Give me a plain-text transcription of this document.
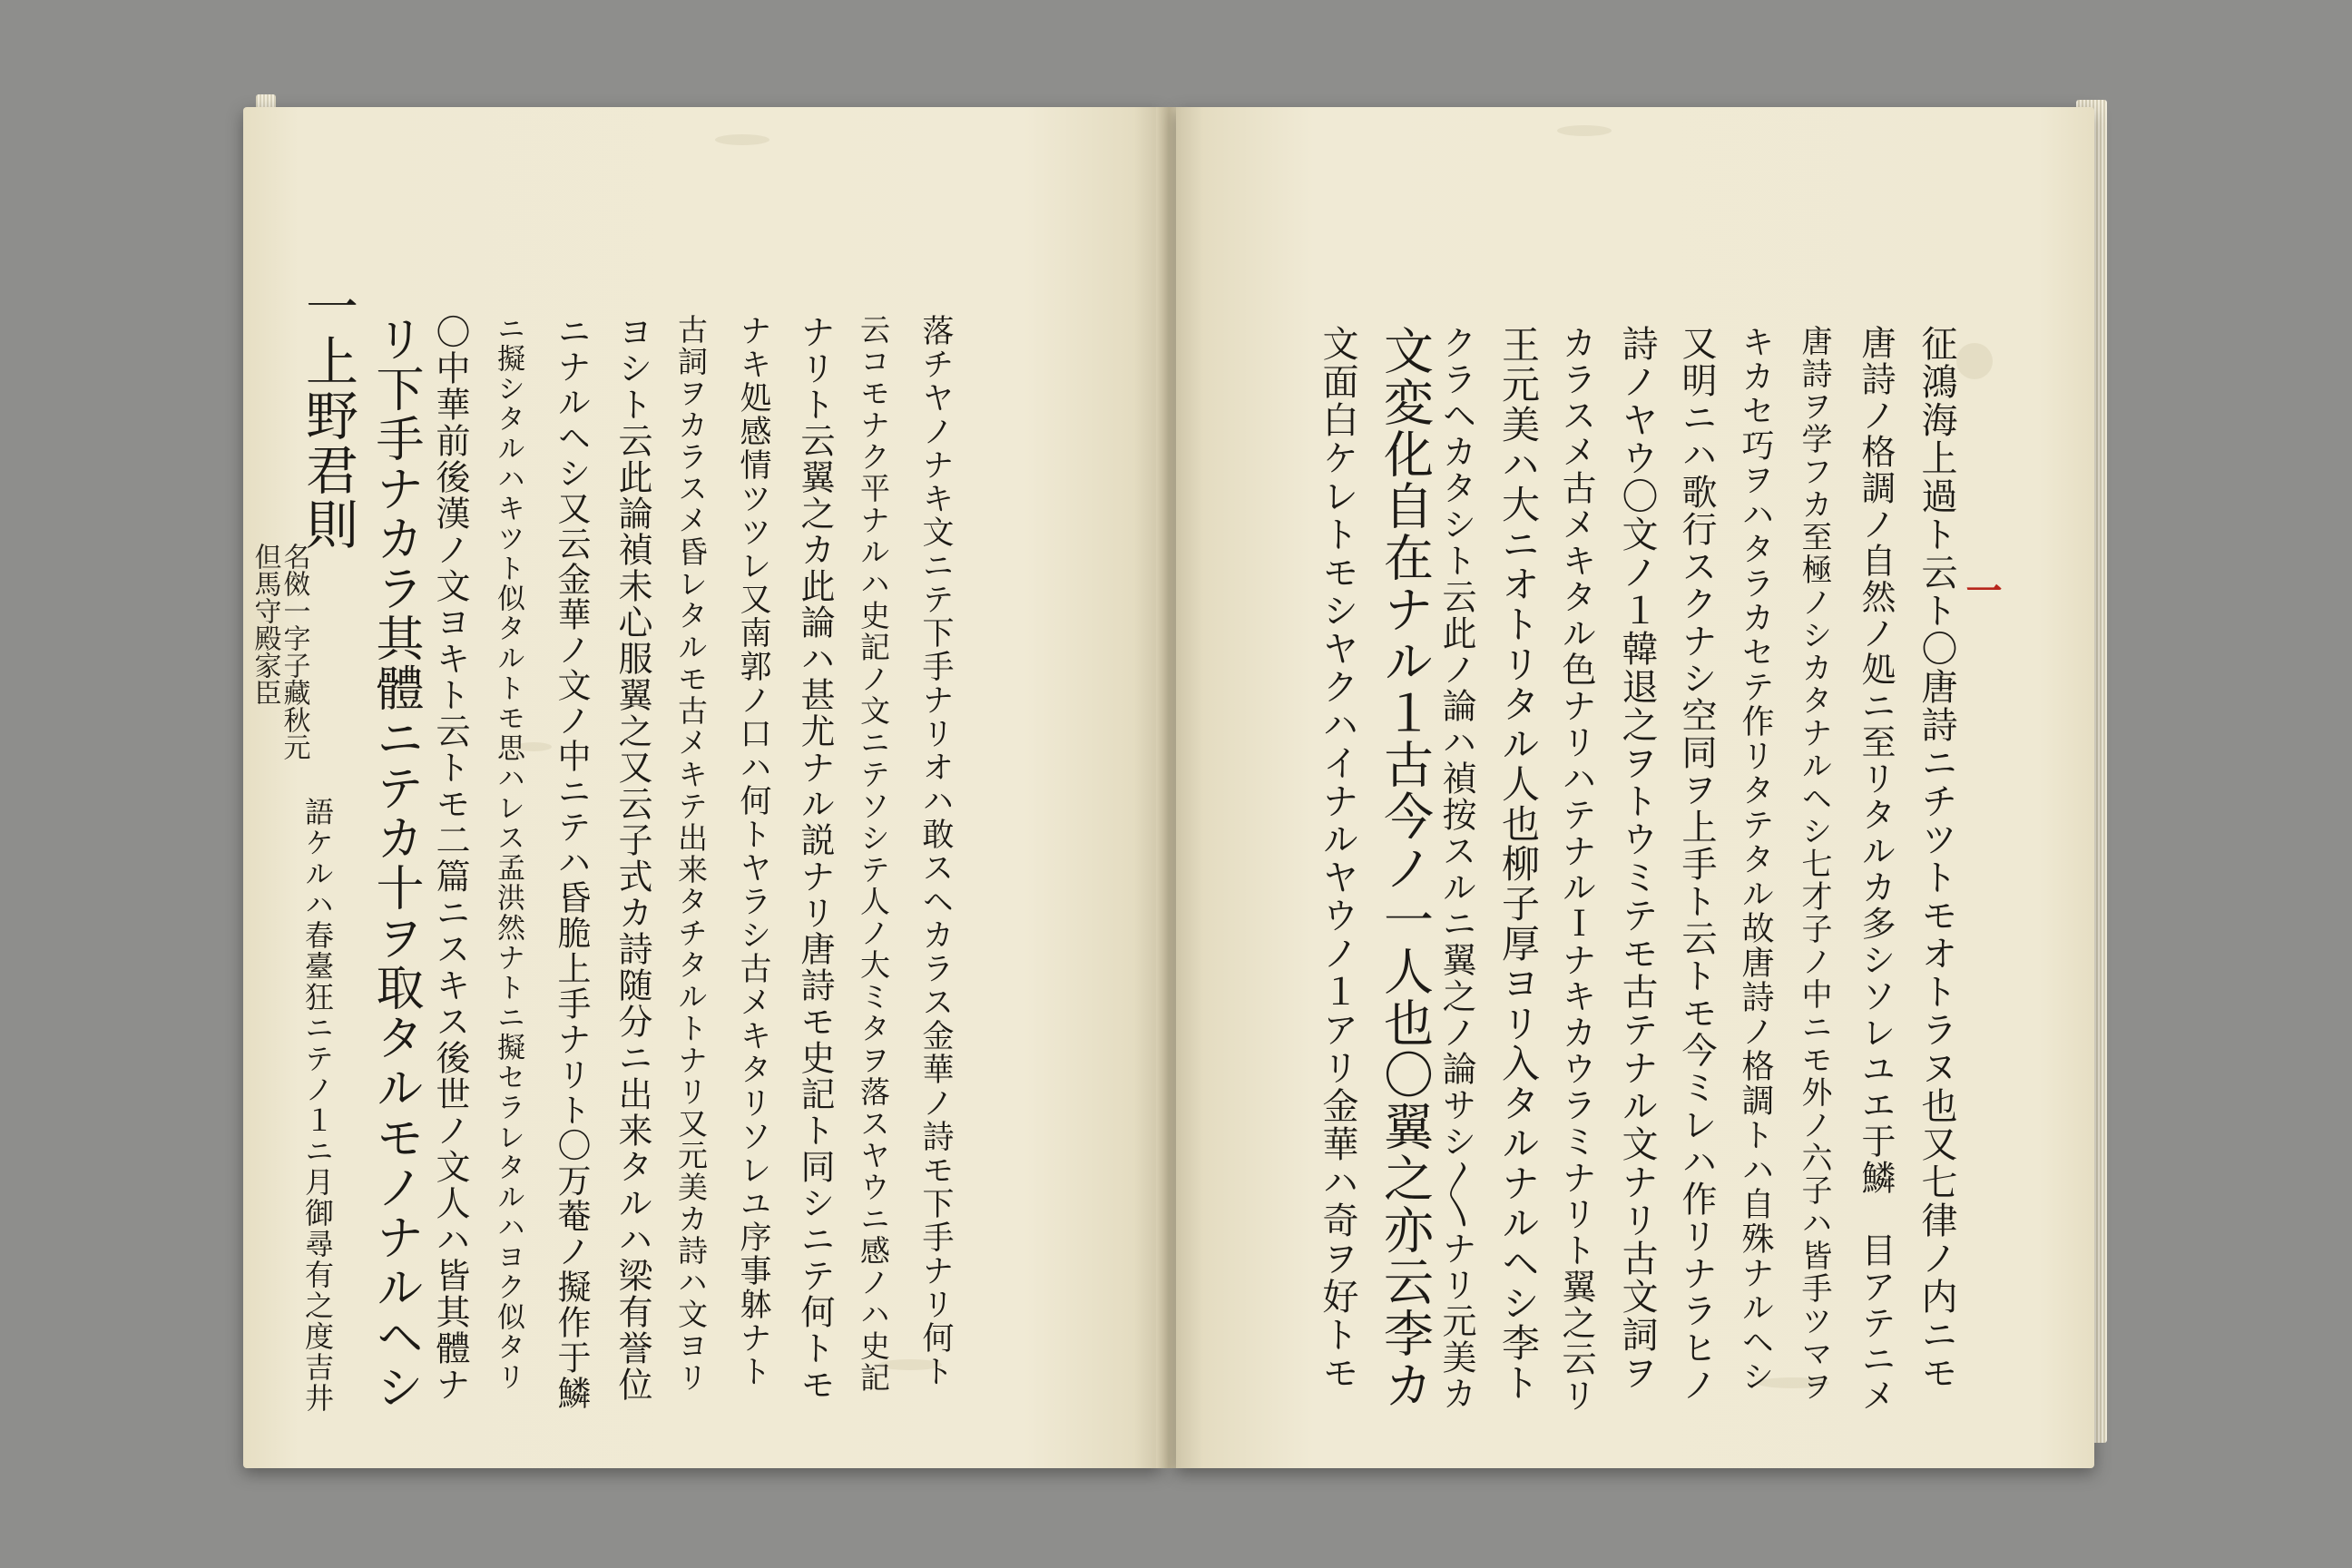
落チヤノナキ文ニテ下手ナリオハ敢スヘカラス金華ノ詩モ下手ナリ何ト
云コモナク平ナルハ史記ノ文ニテソシテ人ノ大ミタヲ落スヤウニ感ノハ史記
ナリト云翼之カ此論ハ甚尤ナル説ナリ唐詩モ史記ト同シニテ何トモ
ナキ処感情ツツレ又南郭ノ口ハ何トヤラシ古メキタリソレユ序事躰ナト
古詞ヲカラスメ昏レタルモ古メキテ出来タチタルトナリ又元美カ詩ハ文ヨリ
ヨシト云此論禎未心服翼之又云子式カ詩随分ニ出来タルハ梁有誉位
ニナルヘシ又云金華ノ文ノ中ニテハ昏脆上手ナリト〇万菴ノ擬作于鱗
ニ擬シタルハキツト似タルトモ思ハレス孟洪然ナトニ擬セラレタルハヨク似タリ
〇中華前後漢ノ文ヨキト云トモ二篇ニスキス後世ノ文人ハ皆其體ナ
リ下手ナカラ其體ニテカ十ヲ取タルモノナルヘシ
一上野君則
名傚一字子藏秋元
但馬守殿家臣
語ケルハ春臺狂ニテノ１ニ月御尋有之度吉井	征鴻海上過ト云ト〇唐詩ニチツトモオトラヌ也又七律ノ内ニモ
唐詩ノ格調ノ自然ノ処ニ至リタルカ多シソレユエ于鱗　目アテニメ
唐詩ヲ学フカ至極ノシカタナルヘシ七才子ノ中ニモ外ノ六子ハ皆手ツマヲ
キカセ巧ヲハタラカセテ作リタテタル故唐詩ノ格調トハ自殊ナルヘシ
又明ニハ歌行スクナシ空同ヲ上手ト云トモ今ミレハ作リナラヒノ
詩ノヤウ〇文ノ１韓退之ヲトウミテモ古テナル文ナリ古文詞ヲ
カラスメ古メキタル色ナリハテナルＩナキカウラミナリト翼之云リ
王元美ハ大ニオトリタル人也柳子厚ヨリ入タルナルヘシ李ト
クラヘカタシト云此ノ論ハ禎按スルニ翼之ノ論サシ〳〵ナリ元美カ
文変化自在ナル１古今ノ一人也〇翼之亦云李カ
文面白ケレトモシヤクハイナルヤウノ１アリ金華ハ奇ヲ好トモ	一
